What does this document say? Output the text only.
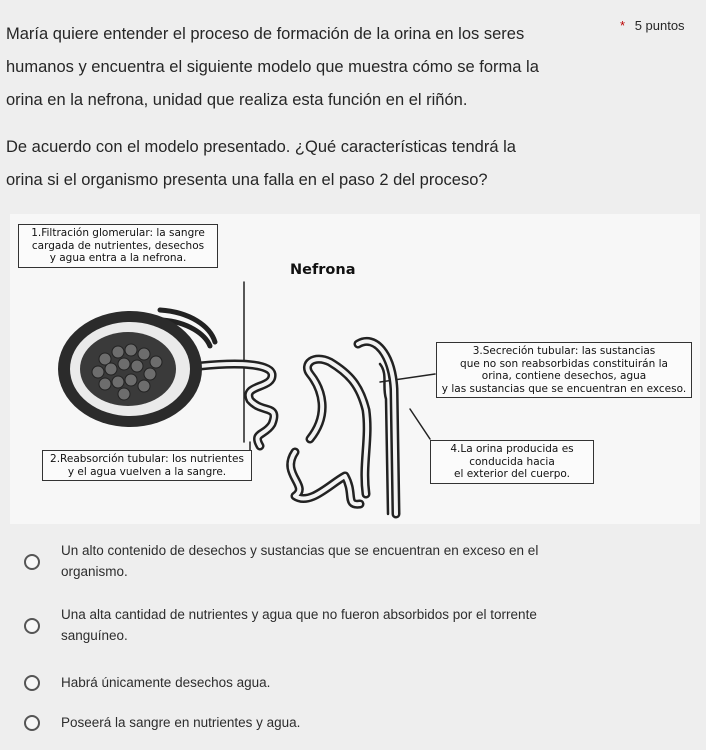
María quiere entender el proceso de formación de la orina en los seres

humanos y encuentra el siguiente modelo que muestra cómo se forma la

orina en la nefrona, unidad que realiza esta función en el riñón.

De acuerdo con el modelo presentado. ¿Qué características tendrá la

orina si el organismo presenta una falla en el paso 2 del proceso?

* 5 puntos
Nefrona
1.Filtración glomerular: la sangre
cargada de nutrientes, desechos
y agua entra a la nefrona.
2.Reabsorción tubular: los nutrientes
y el agua vuelven a la sangre.
3.Secreción tubular: las sustancias
que no son reabsorbidas constituirán la
orina, contiene desechos, agua
y las sustancias que se encuentran en exceso.
4.La orina producida es
conducida hacia
el exterior del cuerpo.
Un alto contenido de desechos y sustancias que se encuentran en exceso en el
organismo.
Una alta cantidad de nutrientes y agua que no fueron absorbidos por el torrente
sanguíneo.
Habrá únicamente desechos agua.
Poseerá la sangre en nutrientes y agua.
